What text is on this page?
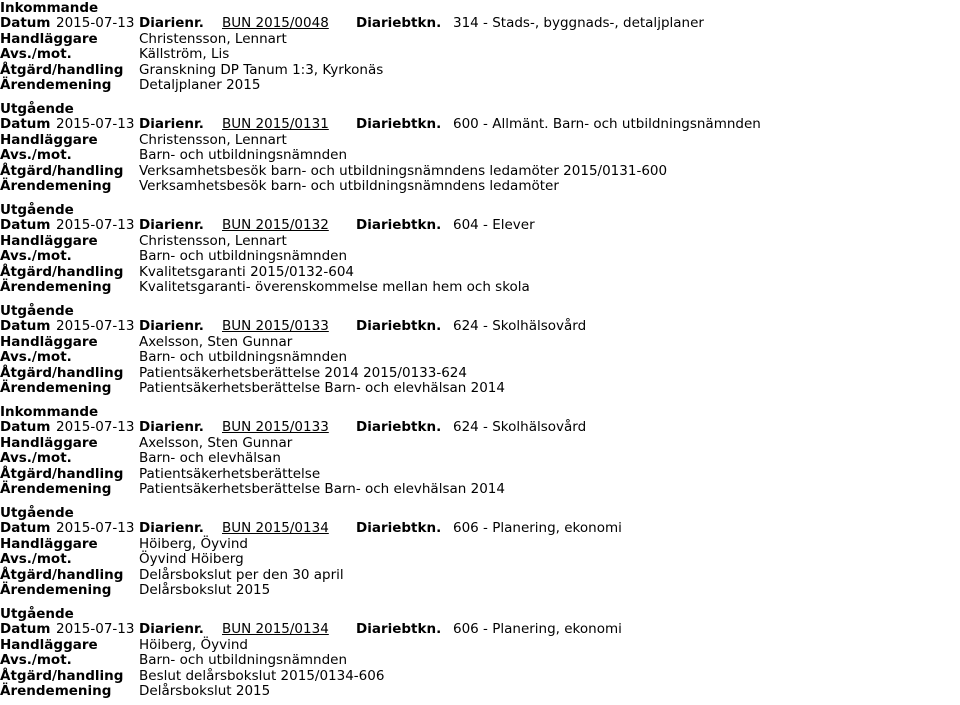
Inkommande
Datum 2015-07-13 Diarienr. BUN 2015/0048 Diariebtkn. 314 - Stads-, byggnads-, detaljplaner
Handläggare	Christensson, Lennart
Avs./mot.	Källström, Lis
Åtgärd/handling Granskning DP Tanum 1:3, Kyrkonäs
Ärendemening Detaljplaner 2015
Utgående
Datum 2015-07-13 Diarienr. BUN 2015/0131 Diariebtkn. 600 - Allmänt. Barn- och utbildningsnämnden
Handläggare	Christensson, Lennart
Avs./mot.	Barn- och utbildningsnämnden
Åtgärd/handling Verksamhetsbesök barn- och utbildningsnämndens ledamöter 2015/0131-600
Ärendemening Verksamhetsbesök barn- och utbildningsnämndens ledamöter
Utgående
Datum 2015-07-13 Diarienr. BUN 2015/0132 Diariebtkn. 604 - Elever
Handläggare	Christensson, Lennart
Avs./mot.	Barn- och utbildningsnämnden
Åtgärd/handling Kvalitetsgaranti 2015/0132-604
Ärendemening Kvalitetsgaranti- överenskommelse mellan hem och skola
Utgående
Datum 2015-07-13 Diarienr. BUN 2015/0133 Diariebtkn. 624 - Skolhälsovård
Handläggare	Axelsson, Sten Gunnar
Avs./mot.	Barn- och utbildningsnämnden
Åtgärd/handling Patientsäkerhetsberättelse 2014 2015/0133-624
Ärendemening Patientsäkerhetsberättelse Barn- och elevhälsan 2014
Inkommande
Datum 2015-07-13 Diarienr. BUN 2015/0133 Diariebtkn. 624 - Skolhälsovård
Handläggare	Axelsson, Sten Gunnar
Avs./mot.	Barn- och elevhälsan
Åtgärd/handling Patientsäkerhetsberättelse
Ärendemening Patientsäkerhetsberättelse Barn- och elevhälsan 2014
Utgående
Datum 2015-07-13 Diarienr. BUN 2015/0134 Diariebtkn. 606 - Planering, ekonomi
Handläggare	Höiberg, Öyvind
Avs./mot.	Öyvind Höiberg
Åtgärd/handling Delårsbokslut per den 30 april
Ärendemening Delårsbokslut 2015
Utgående
Datum 2015-07-13 Diarienr. BUN 2015/0134 Diariebtkn. 606 - Planering, ekonomi
Handläggare	Höiberg, Öyvind
Avs./mot.	Barn- och utbildningsnämnden
Åtgärd/handling Beslut delårsbokslut 2015/0134-606
Ärendemening Delårsbokslut 2015
